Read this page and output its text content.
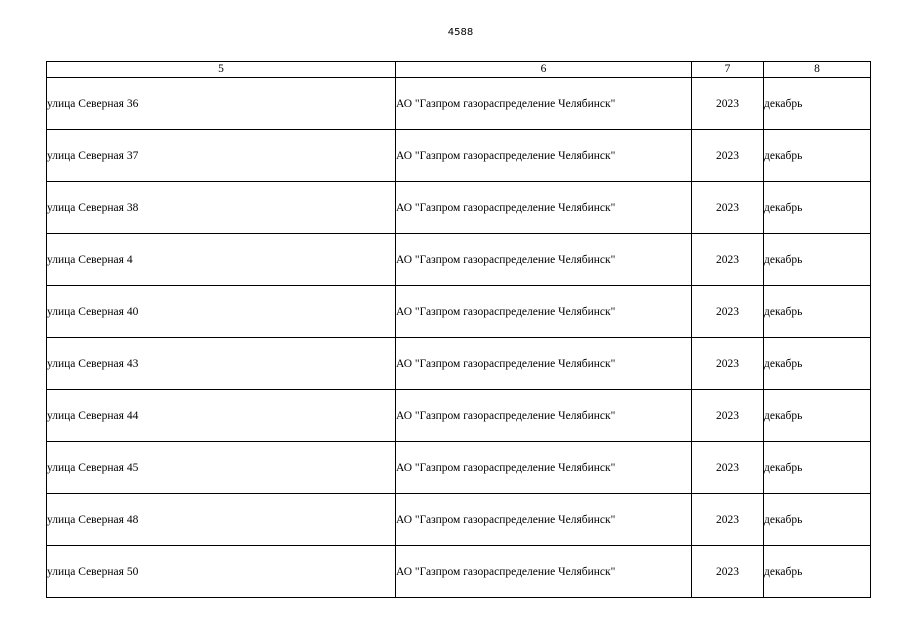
4588
5	6	7	8
улица Северная 36	АО "Газпром газораспределение Челябинск"	2023	декабрь
улица Северная 37	АО "Газпром газораспределение Челябинск"	2023	декабрь
улица Северная 38	АО "Газпром газораспределение Челябинск"	2023	декабрь
улица Северная 4	АО "Газпром газораспределение Челябинск"	2023	декабрь
улица Северная 40	АО "Газпром газораспределение Челябинск"	2023	декабрь
улица Северная 43	АО "Газпром газораспределение Челябинск"	2023	декабрь
улица Северная 44	АО "Газпром газораспределение Челябинск"	2023	декабрь
улица Северная 45	АО "Газпром газораспределение Челябинск"	2023	декабрь
улица Северная 48	АО "Газпром газораспределение Челябинск"	2023	декабрь
улица Северная 50	АО "Газпром газораспределение Челябинск"	2023	декабрь
